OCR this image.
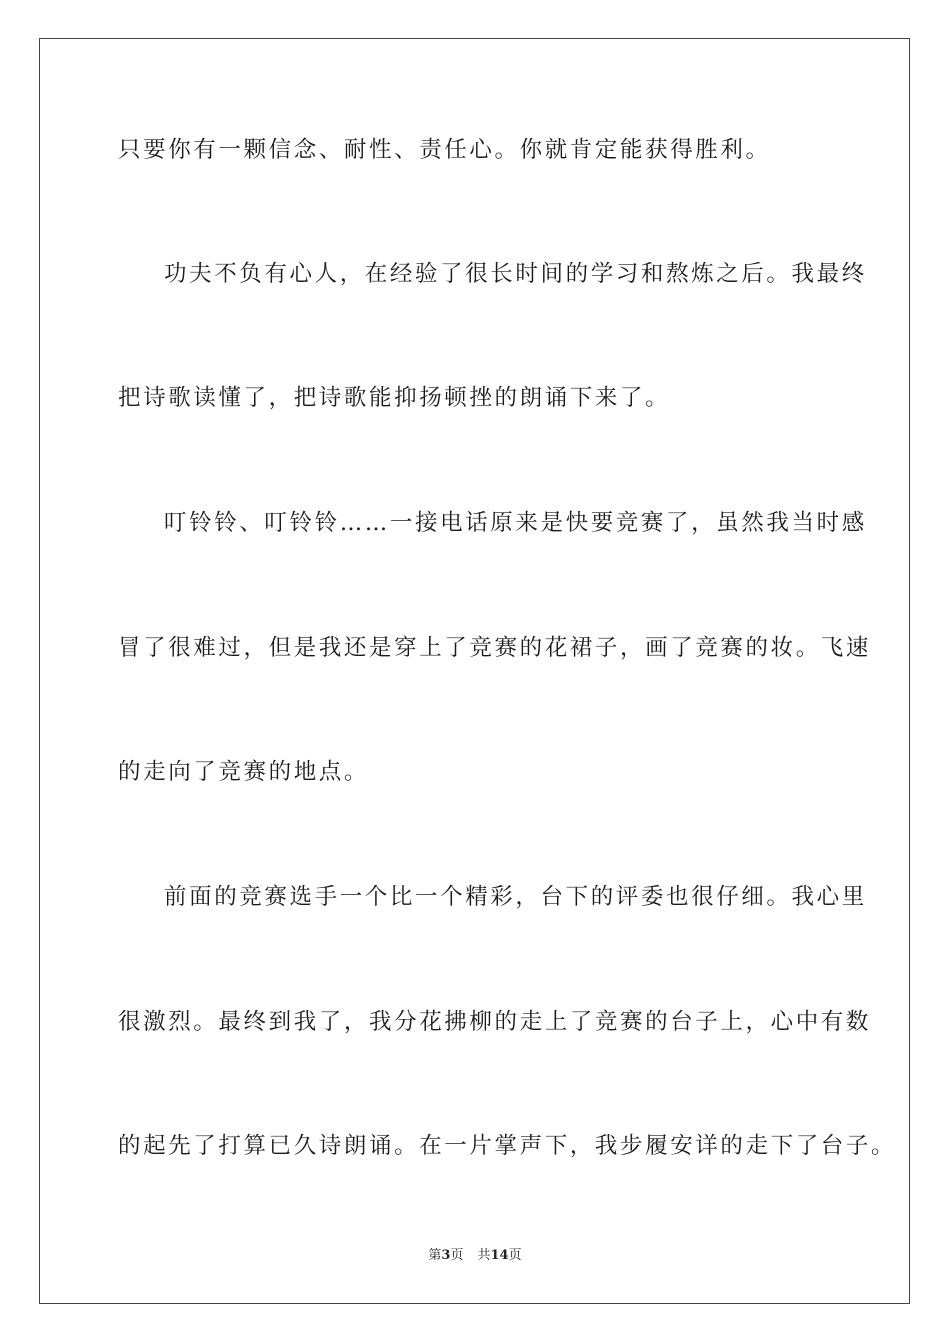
只要你有一颗信念、耐性、责任心。你就肯定能获得胜利。
功夫不负有心人，在经验了很长时间的学习和熬炼之后。我最终
把诗歌读懂了，把诗歌能抑扬顿挫的朗诵下来了。
叮铃铃、叮铃铃……一接电话原来是快要竞赛了，虽然我当时感
冒了很难过，但是我还是穿上了竞赛的花裙子，画了竞赛的妆。飞速
的走向了竞赛的地点。
前面的竞赛选手一个比一个精彩，台下的评委也很仔细。我心里
很激烈。最终到我了，我分花拂柳的走上了竞赛的台子上，心中有数
的起先了打算已久诗朗诵。在一片掌声下，我步履安详的走下了台子。
第3页 共14页
